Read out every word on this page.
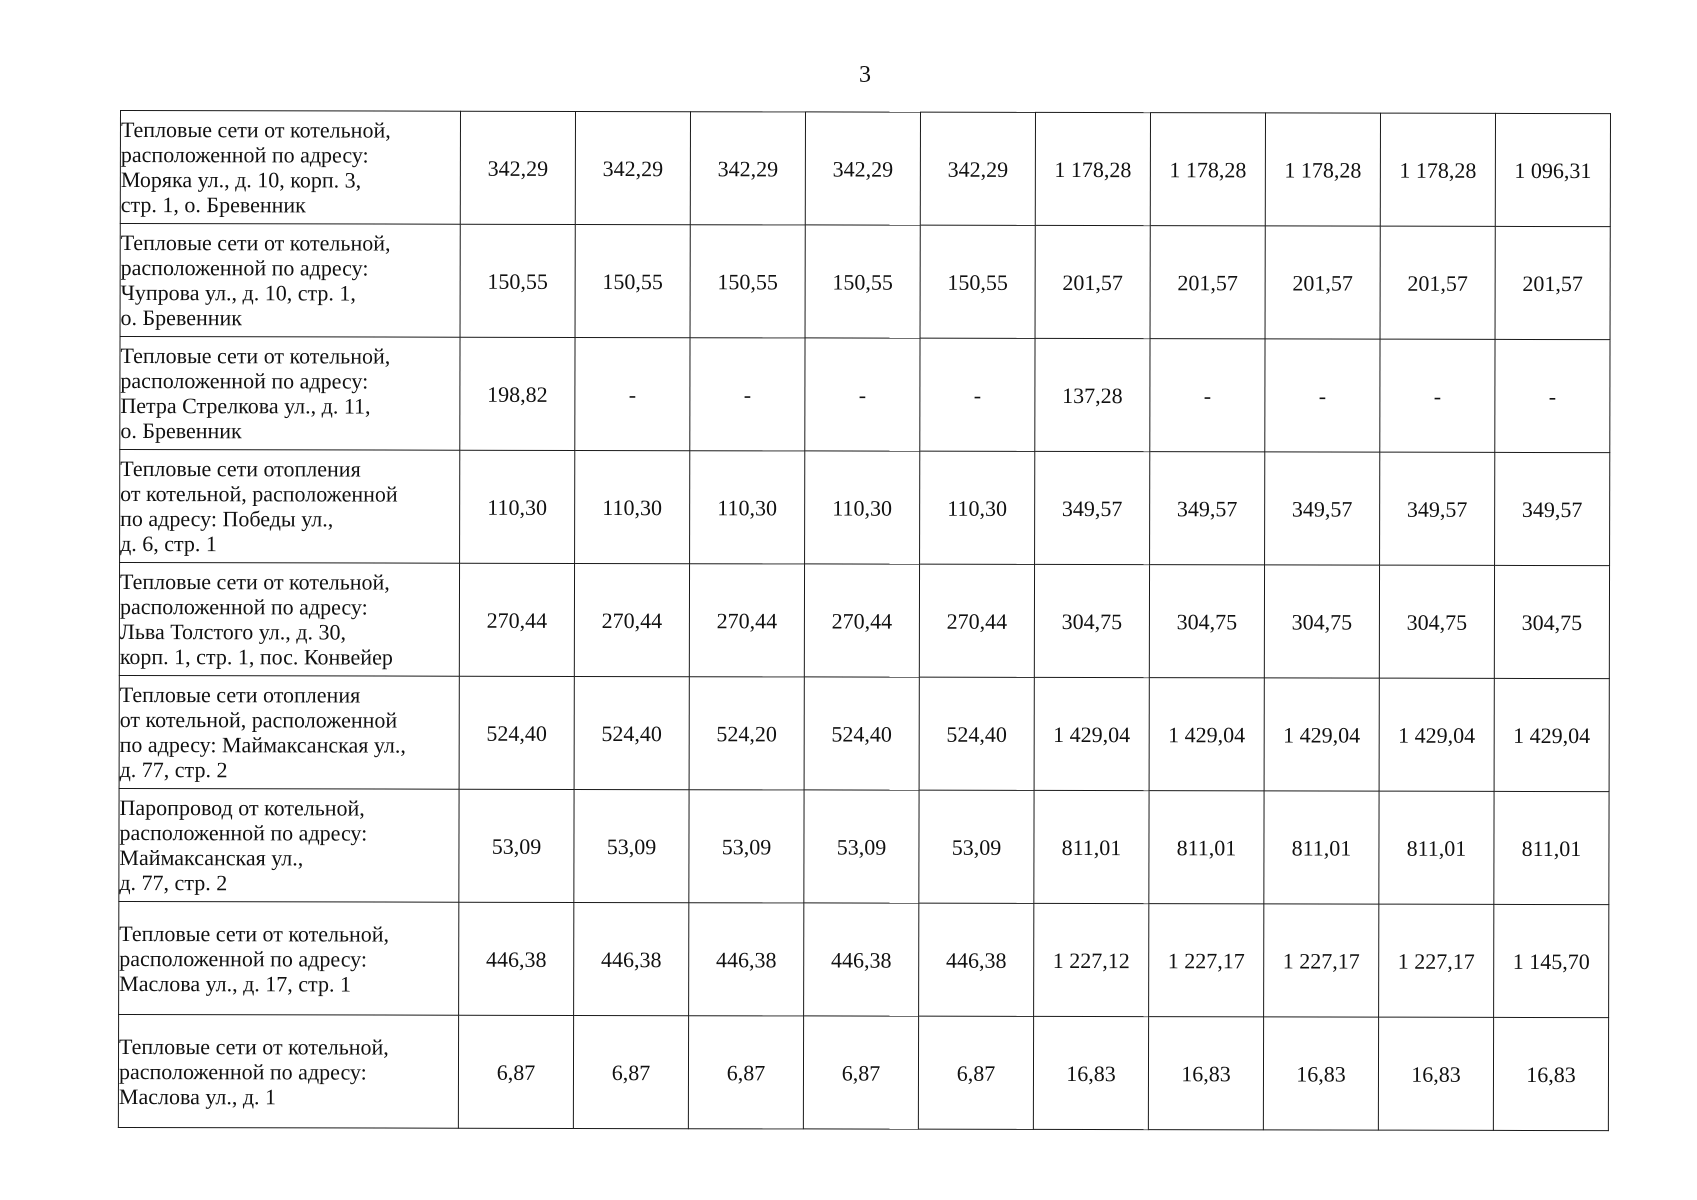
3
Тепловые сети от котельной,
расположенной по адресу:
Моряка ул., д. 10, корп. 3,
стр. 1, о. Бревенник	342,29	342,29	342,29	342,29	342,29	1 178,28	1 178,28	1 178,28	1 178,28	1 096,31
Тепловые сети от котельной,
расположенной по адресу:
Чупрова ул., д. 10, стр. 1,
о. Бревенник	150,55	150,55	150,55	150,55	150,55	201,57	201,57	201,57	201,57	201,57
Тепловые сети от котельной,
расположенной по адресу:
Петра Стрелкова ул., д. 11,
о. Бревенник	198,82	-	-	-	-	137,28	-	-	-	-
Тепловые сети отопления
от котельной, расположенной
по адресу: Победы ул.,
д. 6, стр. 1	110,30	110,30	110,30	110,30	110,30	349,57	349,57	349,57	349,57	349,57
Тепловые сети от котельной,
расположенной по адресу:
Льва Толстого ул., д. 30,
корп. 1, стр. 1, пос. Конвейер	270,44	270,44	270,44	270,44	270,44	304,75	304,75	304,75	304,75	304,75
Тепловые сети отопления
от котельной, расположенной
по адресу: Маймаксанская ул.,
д. 77, стр. 2	524,40	524,40	524,20	524,40	524,40	1 429,04	1 429,04	1 429,04	1 429,04	1 429,04
Паропровод от котельной,
расположенной по адресу:
Маймаксанская ул.,
д. 77, стр. 2	53,09	53,09	53,09	53,09	53,09	811,01	811,01	811,01	811,01	811,01
Тепловые сети от котельной,
расположенной по адресу:
Маслова ул., д. 17, стр. 1	446,38	446,38	446,38	446,38	446,38	1 227,12	1 227,17	1 227,17	1 227,17	1 145,70
Тепловые сети от котельной,
расположенной по адресу:
Маслова ул., д. 1	6,87	6,87	6,87	6,87	6,87	16,83	16,83	16,83	16,83	16,83
